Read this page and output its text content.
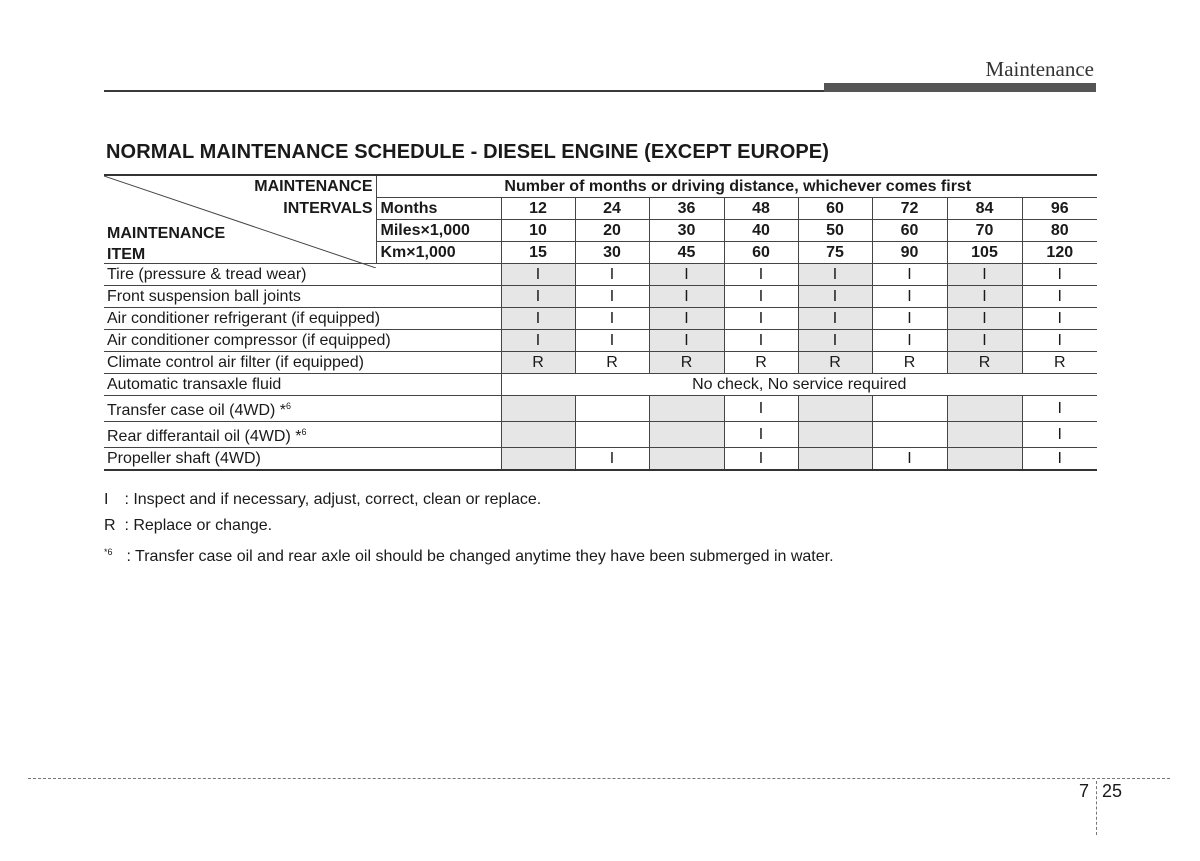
Maintenance
NORMAL MAINTENANCE SCHEDULE - DIESEL ENGINE (EXCEPT EUROPE)
MAINTENANCE
INTERVALS
MAINTENANCE
ITEM	Number of months or driving distance, whichever comes first								
	Months	12	24	36	48	60	72	84	96
	Miles×1,000	10	20	30	40	50	60	70	80
	Km×1,000	15	30	45	60	75	90	105	120
Tire (pressure & tread wear)		I	I	I	I	I	I	I	I
Front suspension ball joints		I	I	I	I	I	I	I	I
Air conditioner refrigerant (if equipped)		I	I	I	I	I	I	I	I
Air conditioner compressor (if equipped)		I	I	I	I	I	I	I	I
Climate control air filter (if equipped)		R	R	R	R	R	R	R	R
Automatic transaxle fluid		No check, No service required							
Transfer case oil (4WD) *$^6$					I				I
Rear differantail oil (4WD) *$^6$					I				I
Propeller shaft (4WD)			I		I		I		I
I : Inspect and if necessary, adjust, correct, clean or replace.
R : Replace or change.
$^{*6}$ : Transfer case oil and rear axle oil should be changed anytime they have been submerged in water.
7 25
